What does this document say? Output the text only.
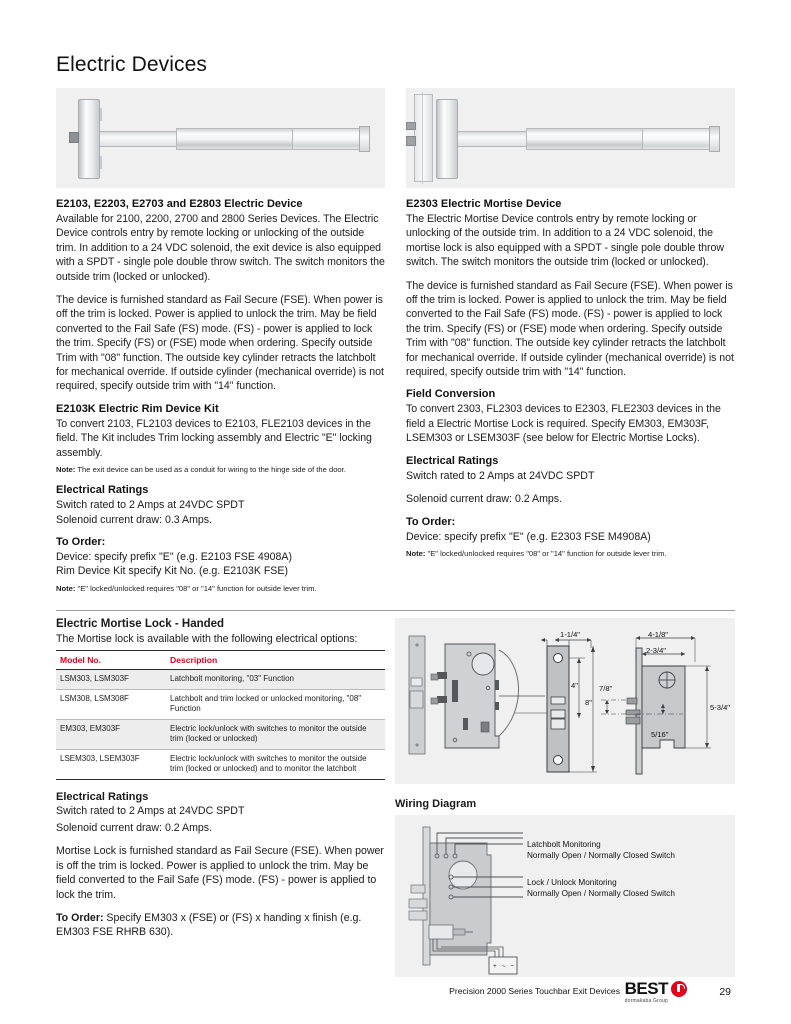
Electric Devices
E2103, E2203, E2703 and E2803 Electric Device

Available for 2100, 2200, 2700 and 2800 Series Devices. The Electric Device controls entry by remote locking or unlocking of the outside trim. In addition to a 24 VDC solenoid, the exit device is also equipped with a SPDT - single pole double throw switch. The switch monitors the outside trim (locked or unlocked).

The device is furnished standard as Fail Secure (FSE). When power is off the trim is locked. Power is applied to unlock the trim. May be field converted to the Fail Safe (FS) mode. (FS) - power is applied to lock the trim. Specify (FS) or (FSE) mode when ordering. Specify outside Trim with "08" function. The outside key cylinder retracts the latchbolt for mechanical override. If outside cylinder (mechanical override) is not required, specify outside trim with "14" function.

E2103K Electric Rim Device Kit

To convert 2103, FL2103 devices to E2103, FLE2103 devices in the field. The Kit includes Trim locking assembly and Electric "E" locking assembly.

Note: The exit device can be used as a conduit for wiring to the hinge side of the door.

Electrical Ratings
Switch rated to 2 Amps at 24VDC SPDT
Solenoid current draw: 0.3 Amps.
To Order:
Device: specify prefix "E" (e.g. E2103 FSE 4908A)
Rim Device Kit specify Kit No. (e.g. E2103K FSE)

Note: "E" locked/unlocked requires "08" or "14" function for outside lever trim.

E2303 Electric Mortise Device

The Electric Mortise Device controls entry by remote locking or unlocking of the outside trim. In addition to a 24 VDC solenoid, the mortise lock is also equipped with a SPDT - single pole double throw switch. The switch monitors the outside trim (locked or unlocked).

The device is furnished standard as Fail Secure (FSE). When power is off the trim is locked. Power is applied to unlock the trim. May be field converted to the Fail Safe (FS) mode. (FS) - power is applied to lock the trim. Specify (FS) or (FSE) mode when ordering. Specify outside Trim with "08" function. The outside key cylinder retracts the latchbolt for mechanical override. If outside cylinder (mechanical override) is not required, specify outside trim with "14" function.

Field Conversion

To convert 2303, FL2303 devices to E2303, FLE2303 devices in the field a Electric Mortise Lock is required. Specify EM303, EM303F, LSEM303 or LSEM303F (see below for Electric Mortise Locks).

Electrical Ratings
Switch rated to 2 Amps at 24VDC SPDT
Solenoid current draw: 0.2 Amps.
To Order:
Device: specify prefix "E" (e.g. E2303 FSE M4908A)

Note: "E" locked/unlocked requires "08" or "14" function for outside lever trim.

Electric Mortise Lock - Handed
The Mortise lock is available with the following electrical options:
Model No.	Description
LSM303, LSM303F	Latchbolt monitoring, "03" Function
LSM308, LSM308F	Latchbolt and trim locked or unlocked monitoring, "08" Function
EM303, EM303F	Electric lock/unlock with switches to monitor the outside trim (locked or unlocked)
LSEM303, LSEM303F	Electric lock/unlock with switches to monitor the outside trim (locked or unlocked) and to monitor the latchbolt
Electrical Ratings

Switch rated to 2 Amps at 24VDC SPDT

Solenoid current draw: 0.2 Amps.

Mortise Lock is furnished standard as Fail Secure (FSE). When power is off the trim is locked. Power is applied to unlock the trim. May be field converted to the Fail Safe (FS) mode. (FS) - power is applied to lock the trim.

To Order: Specify EM303 x (FSE) or (FS) x handing x finish (e.g. EM303 FSE RHRB 630).

1-1/4"	4-1/8"
2-3/4"
4"
8"
7/8"
5-3/4"
5/16"
Wiring Diagram
Latchbolt Monitoring
Normally Open / Normally Closed Switch
Lock / Unlock Monitoring
Normally Open / Normally Closed Switch
+ ~ −
Precision 2000 Series Touchbar Exit Devices BEST
dormakaba Group
29
